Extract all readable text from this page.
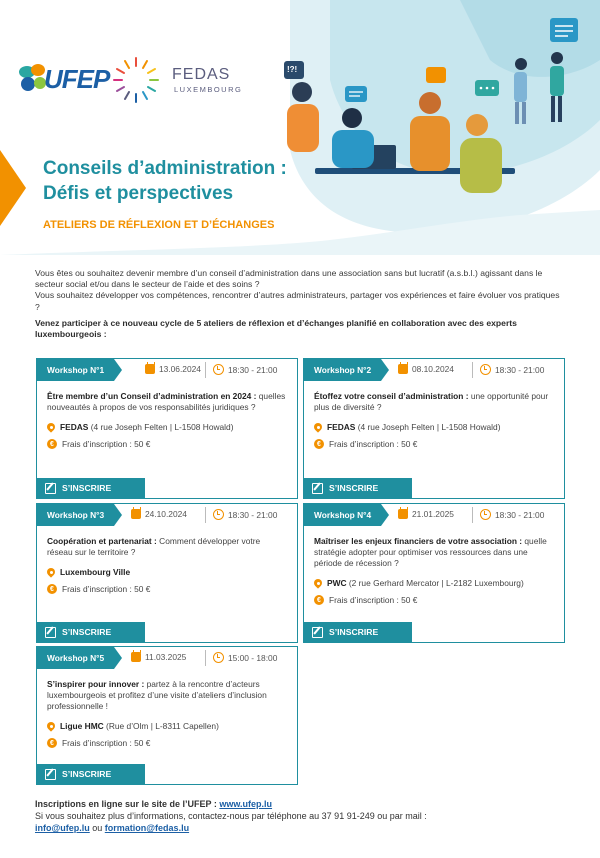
!?!
UFEP	FEDAS
LUXEMBOURG
Conseils d’administration :
Défis et perspectives
ATELIERS DE RÉFLEXION ET D’ÉCHANGES

Vous êtes ou souhaitez devenir membre d’un conseil d’administration dans une association sans but lucratif (a.s.b.l.) agissant dans le secteur social et/ou dans le secteur de l’aide et des soins ?

Vous souhaitez développer vos compétences, rencontrer d’autres administrateurs, partager vos expériences et faire évoluer vos pratiques ?

Venez participer à ce nouveau cycle de 5 ateliers de réflexion et d’échanges planifié en collaboration avec des experts luxembourgeois :

Workshop N°1	13.06.2024	18:30 - 21:00
Être membre d’un Conseil d’administration en 2024 : quelles nouveautés à propos de vos responsabilités juridiques ?
FEDAS (4 rue Joseph Felten | L-1508 Howald)
€ Frais d’inscription : 50 €
S’INSCRIRE
Workshop N°2	08.10.2024	18:30 - 21:00
Étoffez votre conseil d’administration : une opportunité pour plus de diversité ?
FEDAS (4 rue Joseph Felten | L-1508 Howald)
€ Frais d’inscription : 50 €
S’INSCRIRE
Workshop N°3	24.10.2024	18:30 - 21:00
Coopération et partenariat : Comment développer votre réseau sur le territoire ?
Luxembourg Ville
€ Frais d’inscription : 50 €
S’INSCRIRE
Workshop N°4	21.01.2025	18:30 - 21:00
Maîtriser les enjeux financiers de votre association : quelle stratégie adopter pour optimiser vos ressources dans une période de récession ?
PWC (2 rue Gerhard Mercator | L-2182 Luxembourg)
€ Frais d’inscription : 50 €
S’INSCRIRE
Workshop N°5	11.03.2025	15:00 - 18:00
S’inspirer pour innover : partez à la rencontre d’acteurs luxembourgeois et profitez d’une visite d’ateliers d’inclusion professionnelle !
Ligue HMC (Rue d’Olm | L-8311 Capellen)
€ Frais d’inscription : 50 €
S’INSCRIRE
Inscriptions en ligne sur le site de l’UFEP : www.ufep.lu
Si vous souhaitez plus d’informations, contactez-nous par téléphone au 37 91 91-249 ou par mail :
info@ufep.lu ou formation@fedas.lu
